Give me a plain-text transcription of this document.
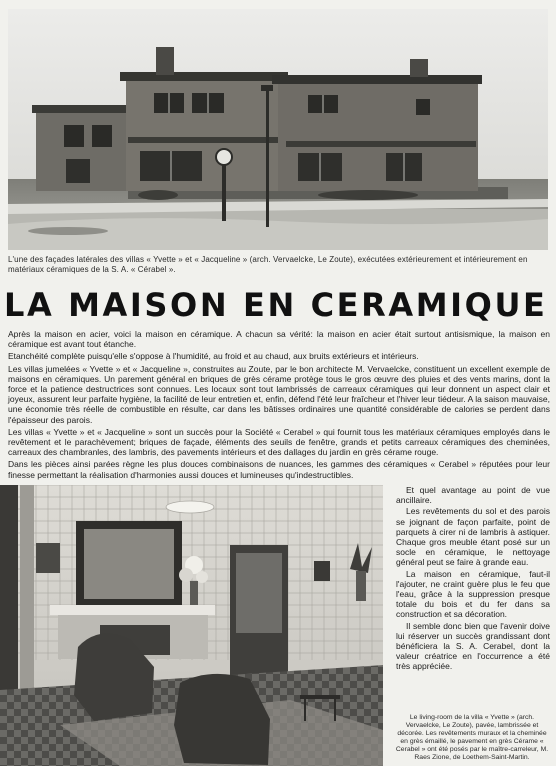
L'une des façades latérales des villas « Yvette » et « Jacqueline » (arch. Vervaelcke, Le Zoute), exécutées extérieurement et intérieurement en matériaux céramiques de la S. A. « Cérabel ».
LA MAISON EN CERAMIQUE

Après la maison en acier, voici la maison en céramique. A chacun sa vérité: la maison en acier était surtout antisismique, la maison en céramique est avant tout étanche.

Etanchéité complète puisqu'elle s'oppose à l'humidité, au froid et au chaud, aux bruits extérieurs et intérieurs.

Les villas jumelées « Yvette » et « Jacqueline », construites au Zoute, par le bon architecte M. Vervaelcke, constituent un excellent exemple de maisons en céramiques. Un parement général en briques de grès cérame protège tous le gros œuvre des pluies et des vents marins, dont la force et la patience destructrices sont connues. Les locaux sont tout lambrissés de carreaux céramiques qui leur donnent un aspect clair et joyeux, assurent leur parfaite hygiène, la facilité de leur entretien et, enfin, défend l'été leur fraîcheur et l'hiver leur tiédeur. A la saison mauvaise, une économie très réelle de combustible en résulte, car dans les bâtisses ordinaires une quantité considérable de calories se perdent dans l'épaisseur des parois.

Les villas « Yvette » et « Jacqueline » sont un succès pour la Société « Cerabel » qui fournit tous les matériaux céramiques employés dans le revêtement et le parachèvement; briques de façade, éléments des seuils de fenêtre, grands et petits carreaux céramiques des cheminées, carreaux des chambranles, des lambris, des pavements intérieurs et des dallages du jardin en grès cérame rouge.

Dans les pièces ainsi parées règne les plus douces combinaisons de nuances, les gammes des céramiques « Cerabel » réputées pour leur finesse permettant la réalisation d'harmonies aussi douces et lumineuses qu'indestructibles.

Et quel avantage au point de vue ancillaire.

Les revêtements du sol et des parois se joignant de façon parfaite, point de parquets à cirer ni de lambris à astiquer. Chaque gros meuble étant posé sur un socle en céramique, le nettoyage général peut se faire à grande eau.

La maison en céramique, faut-il l'ajouter, ne craint guère plus le feu que l'eau, grâce à la suppression presque totale du bois et du fer dans sa construction et sa décoration.

Il semble donc bien que l'avenir doive lui réserver un succès grandissant dont bénéficiera la S. A. Cerabel, dont la valeur créatrice en l'occurrence a été très appréciée.

Le living-room de la villa « Yvette » (arch. Vervaelcke, Le Zoute), pavée, lambrissée et décorée. Les revêtements muraux et la cheminée en grès émaillé, le pavement en grès Cérame « Cerabel » ont été posés par le maître-carreleur, M. Raes Zione, de Loethem-Saint-Martin.
